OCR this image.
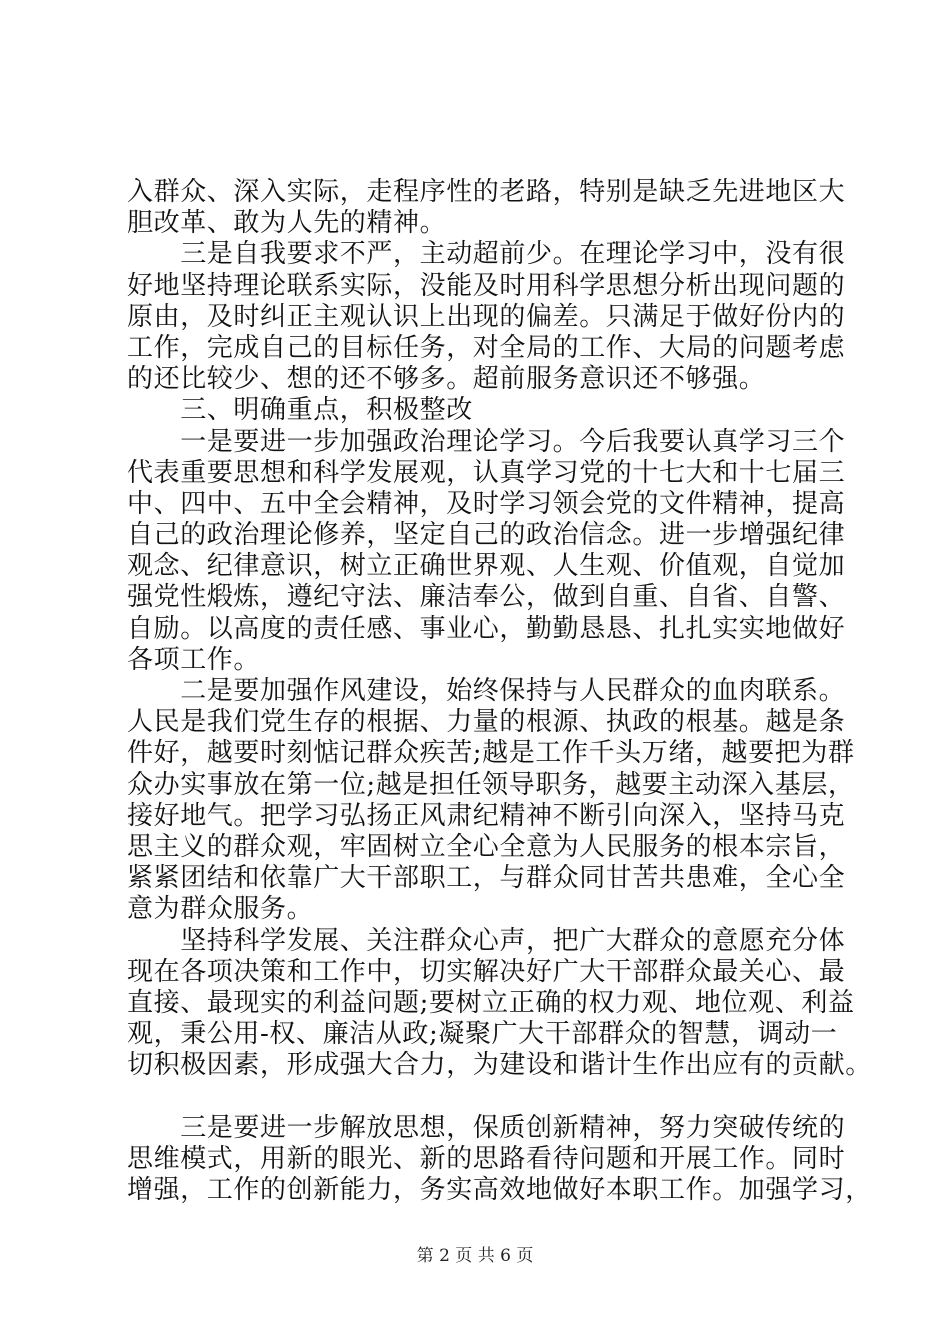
入群众、深入实际，走程序性的老路，特别是缺乏先进地区大
胆改革、敢为人先的精神。
　　三是自我要求不严，主动超前少。在理论学习中，没有很
好地坚持理论联系实际，没能及时用科学思想分析出现问题的
原由，及时纠正主观认识上出现的偏差。只满足于做好份内的
工作，完成自己的目标任务，对全局的工作、大局的问题考虑
的还比较少、想的还不够多。超前服务意识还不够强。
　　三、明确重点，积极整改
　　一是要进一步加强政治理论学习。今后我要认真学习三个
代表重要思想和科学发展观，认真学习党的十七大和十七届三
中、四中、五中全会精神，及时学习领会党的文件精神，提高
自己的政治理论修养，坚定自己的政治信念。进一步增强纪律
观念、纪律意识，树立正确世界观、人生观、价值观，自觉加
强党性煅炼，遵纪守法、廉洁奉公，做到自重、自省、自警、
自励。以高度的责任感、事业心，勤勤恳恳、扎扎实实地做好
各项工作。
　　二是要加强作风建设，始终保持与人民群众的血肉联系。
人民是我们党生存的根据、力量的根源、执政的根基。越是条
件好，越要时刻惦记群众疾苦;越是工作千头万绪，越要把为群
众办实事放在第一位;越是担任领导职务，越要主动深入基层，
接好地气。把学习弘扬正风肃纪精神不断引向深入，坚持马克
思主义的群众观，牢固树立全心全意为人民服务的根本宗旨，
紧紧团结和依靠广大干部职工，与群众同甘苦共患难，全心全
意为群众服务。
　　坚持科学发展、关注群众心声，把广大群众的意愿充分体
现在各项决策和工作中，切实解决好广大干部群众最关心、最
直接、最现实的利益问题;要树立正确的权力观、地位观、利益
观，秉公用-权、廉洁从政;凝聚广大干部群众的智慧，调动一
切积极因素，形成强大合力，为建设和谐计生作出应有的贡献。
　　三是要进一步解放思想，保质创新精神，努力突破传统的
思维模式，用新的眼光、新的思路看待问题和开展工作。同时
增强，工作的创新能力，务实高效地做好本职工作。加强学习，
第 2 页 共 6 页
